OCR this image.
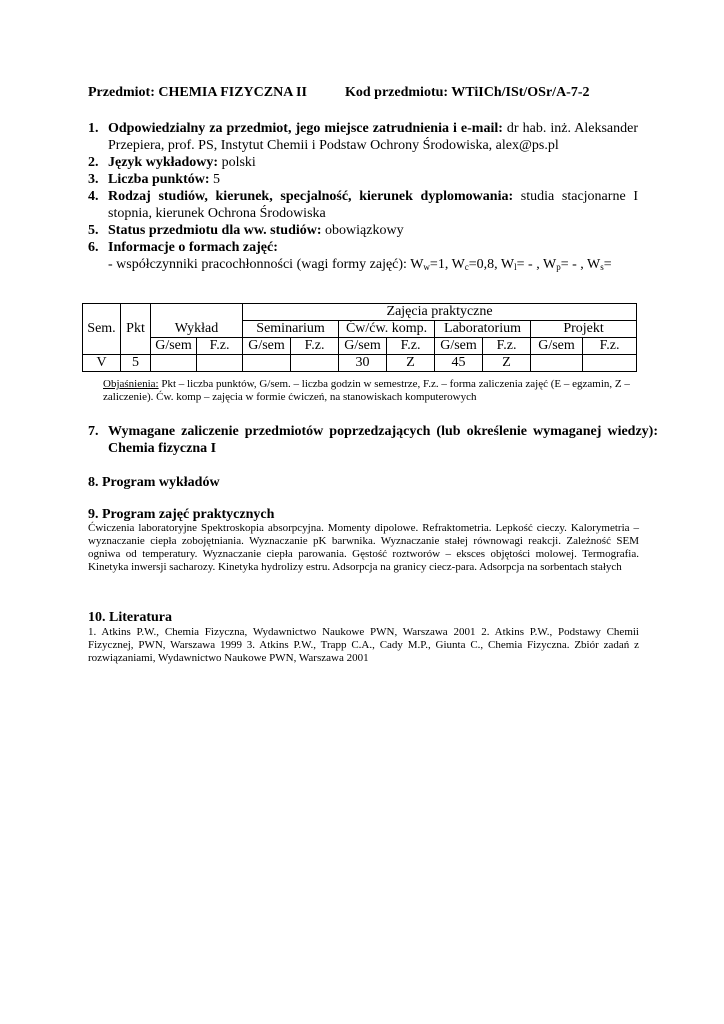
Przedmiot: CHEMIA FIZYCZNA II	Kod przedmiotu: WTiICh/ISt/OSr/A-7-2
1. Odpowiedzialny za przedmiot, jego miejsce zatrudnienia i e-mail: dr hab. inż. Aleksander Przepiera, prof. PS, Instytut Chemii i Podstaw Ochrony Środowiska, alex@ps.pl
2. Język wykładowy: polski
3. Liczba punktów: 5
4. Rodzaj studiów, kierunek, specjalność, kierunek dyplomowania: studia stacjonarne I stopnia, kierunek Ochrona Środowiska
5. Status przedmiotu dla ww. studiów: obowiązkowy
6. Informacje o formach zajęć:
- współczynniki pracochłonności (wagi formy zajęć): $W_w=1$, $W_c=0,8$, $W_l=$ - , $W_p=$ - , $W_s=$
Sem.	Pkt	Wykład		Zajęcia praktyczne							
				Seminarium		Ćw/ćw. komp.		Laboratorium		Projekt	
		G/sem	F.z.	G/sem	F.z.	G/sem	F.z.	G/sem	F.z.	G/sem	F.z.
V	5					30	Z	45	Z		
Objaśnienia: Pkt – liczba punktów, G/sem. – liczba godzin w semestrze, F.z. – forma zaliczenia zajęć (E – egzamin, Z – zaliczenie). Ćw. komp – zajęcia w formie ćwiczeń, na stanowiskach komputerowych
7. Wymagane zaliczenie przedmiotów poprzedzających (lub określenie wymaganej wiedzy): Chemia fizyczna I
8. Program wykładów
9. Program zajęć praktycznych
Ćwiczenia laboratoryjne Spektroskopia absorpcyjna. Momenty dipolowe. Refraktometria. Lepkość cieczy. Kalorymetria – wyznaczanie ciepła zobojętniania. Wyznaczanie pK barwnika. Wyznaczanie stałej równowagi reakcji. Zależność SEM ogniwa od temperatury. Wyznaczanie ciepła parowania. Gęstość roztworów – eksces objętości molowej. Termografia. Kinetyka inwersji sacharozy. Kinetyka hydrolizy estru. Adsorpcja na granicy ciecz-para. Adsorpcja na sorbentach stałych
10. Literatura
1. Atkins P.W., Chemia Fizyczna, Wydawnictwo Naukowe PWN, Warszawa 2001 2. Atkins P.W., Podstawy Chemii Fizycznej, PWN, Warszawa 1999 3. Atkins P.W., Trapp C.A., Cady M.P., Giunta C., Chemia Fizyczna. Zbiór zadań z rozwiązaniami, Wydawnictwo Naukowe PWN, Warszawa 2001
